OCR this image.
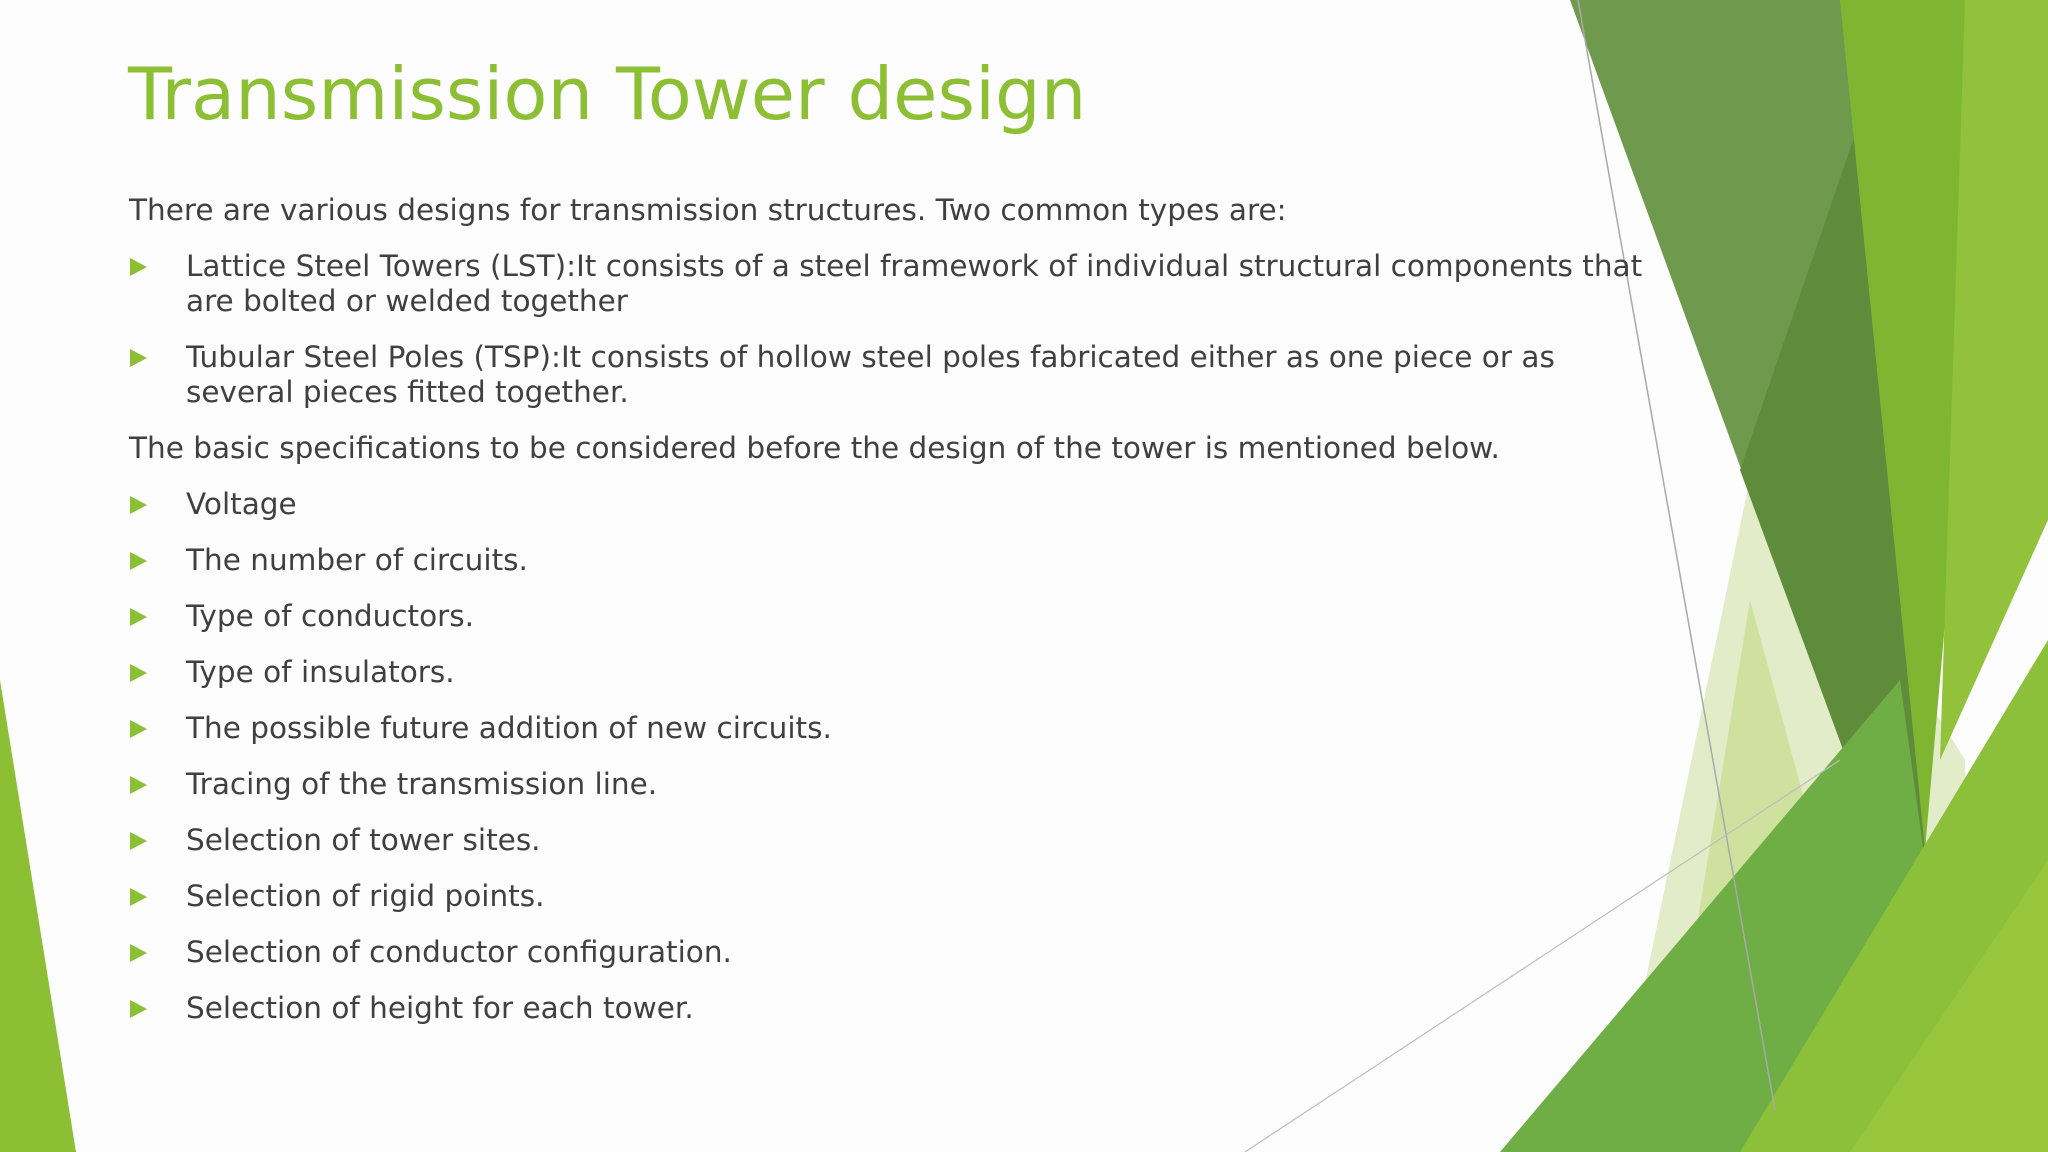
Transmission Tower design

There are various designs for transmission structures. Two common types are:

Lattice Steel Towers (LST):It consists of a steel framework of individual structural components that
are bolted or welded together
Tubular Steel Poles (TSP):It consists of hollow steel poles fabricated either as one piece or as
several pieces fitted together.

The basic specifications to be considered before the design of the tower is mentioned below.

Voltage
The number of circuits.
Type of conductors.
Type of insulators.
The possible future addition of new circuits.
Tracing of the transmission line.
Selection of tower sites.
Selection of rigid points.
Selection of conductor configuration.
Selection of height for each tower.
